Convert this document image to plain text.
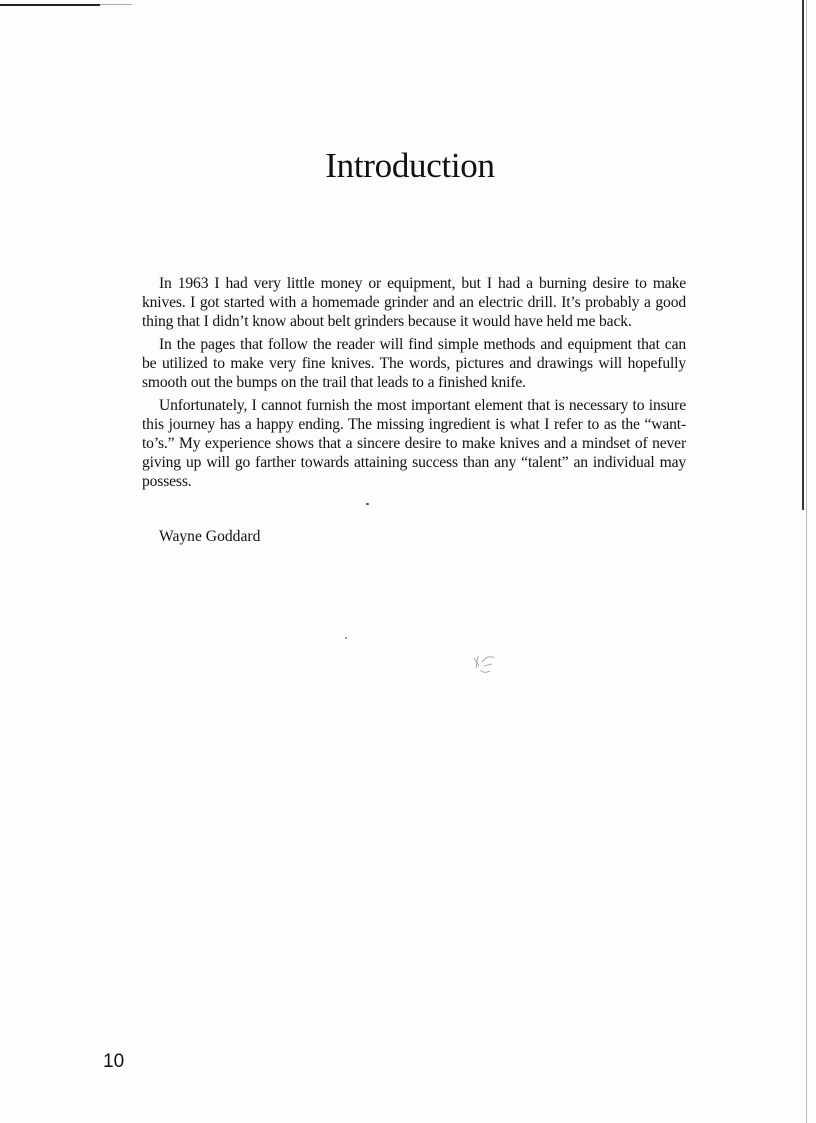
Introduction

In 1963 I had very little money or equipment, but I had a burning desire to make knives. I got started with a homemade grinder and an electric drill. It’s probably a good thing that I didn’t know about belt grinders because it would have held me back.

In the pages that follow the reader will find simple methods and equipment that can be utilized to make very fine knives. The words, pictures and drawings will hopefully smooth out the bumps on the trail that leads to a finished knife.

Unfortunately, I cannot furnish the most important element that is necessary to insure this journey has a happy ending. The missing ingredient is what I refer to as the “want-to’s.” My experience shows that a sincere desire to make knives and a mindset of never giving up will go farther towards attaining success than any “talent” an individual may possess.

Wayne Goddard
10
